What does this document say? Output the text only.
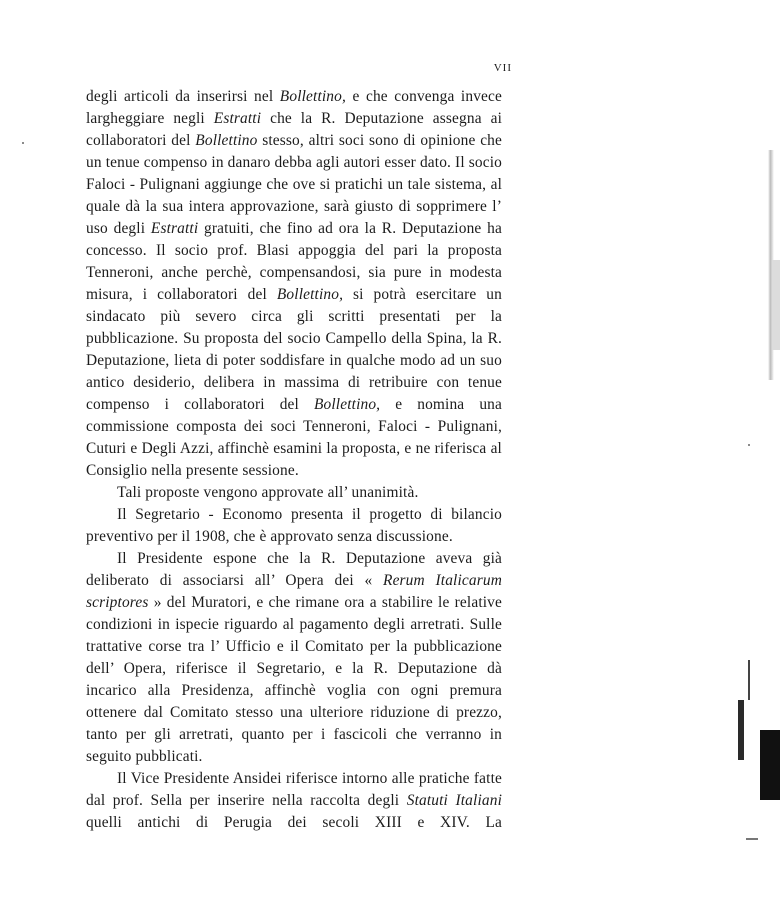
VII

degli articoli da inserirsi nel Bollettino, e che convenga invece largheggiare negli Estratti che la R. Deputazione assegna ai collaboratori del Bollettino stesso, altri soci sono di opinione che un tenue compenso in danaro debba agli autori esser dato. Il socio Faloci - Pulignani aggiunge che ove si pratichi un tale sistema, al quale dà la sua intera approvazione, sarà giusto di sopprimere l’ uso degli Estratti gratuiti, che fino ad ora la R. Deputazione ha concesso. Il socio prof. Blasi appoggia del pari la proposta Tenneroni, anche perchè, compensandosi, sia pure in modesta misura, i collaboratori del Bollettino, si potrà esercitare un sindacato più severo circa gli scritti presentati per la pubblicazione. Su proposta del socio Campello della Spina, la R. Deputazione, lieta di poter soddisfare in qualche modo ad un suo antico desiderio, delibera in massima di retribuire con tenue compenso i collaboratori del Bollettino, e nomina una commissione composta dei soci Tenneroni, Faloci - Pulignani, Cuturi e Degli Azzi, affinchè esamini la proposta, e ne riferisca al Consiglio nella presente sessione.

Tali proposte vengono approvate all’ unanimità.

Il Segretario - Economo presenta il progetto di bilancio preventivo per il 1908, che è approvato senza discussione.

Il Presidente espone che la R. Deputazione aveva già deliberato di associarsi all’ Opera dei « Rerum Italicarum scriptores » del Muratori, e che rimane ora a stabilire le relative condizioni in ispecie riguardo al pagamento degli arretrati. Sulle trattative corse tra l’ Ufficio e il Comitato per la pubblicazione dell’ Opera, riferisce il Segretario, e la R. Deputazione dà incarico alla Presidenza, affinchè voglia con ogni premura ottenere dal Comitato stesso una ulteriore riduzione di prezzo, tanto per gli arretrati, quanto per i fascicoli che verranno in seguito pubblicati.

Il Vice Presidente Ansidei riferisce intorno alle pratiche fatte dal prof. Sella per inserire nella raccolta degli Statuti Italiani quelli antichi di Perugia dei secoli XIII e XIV. La
